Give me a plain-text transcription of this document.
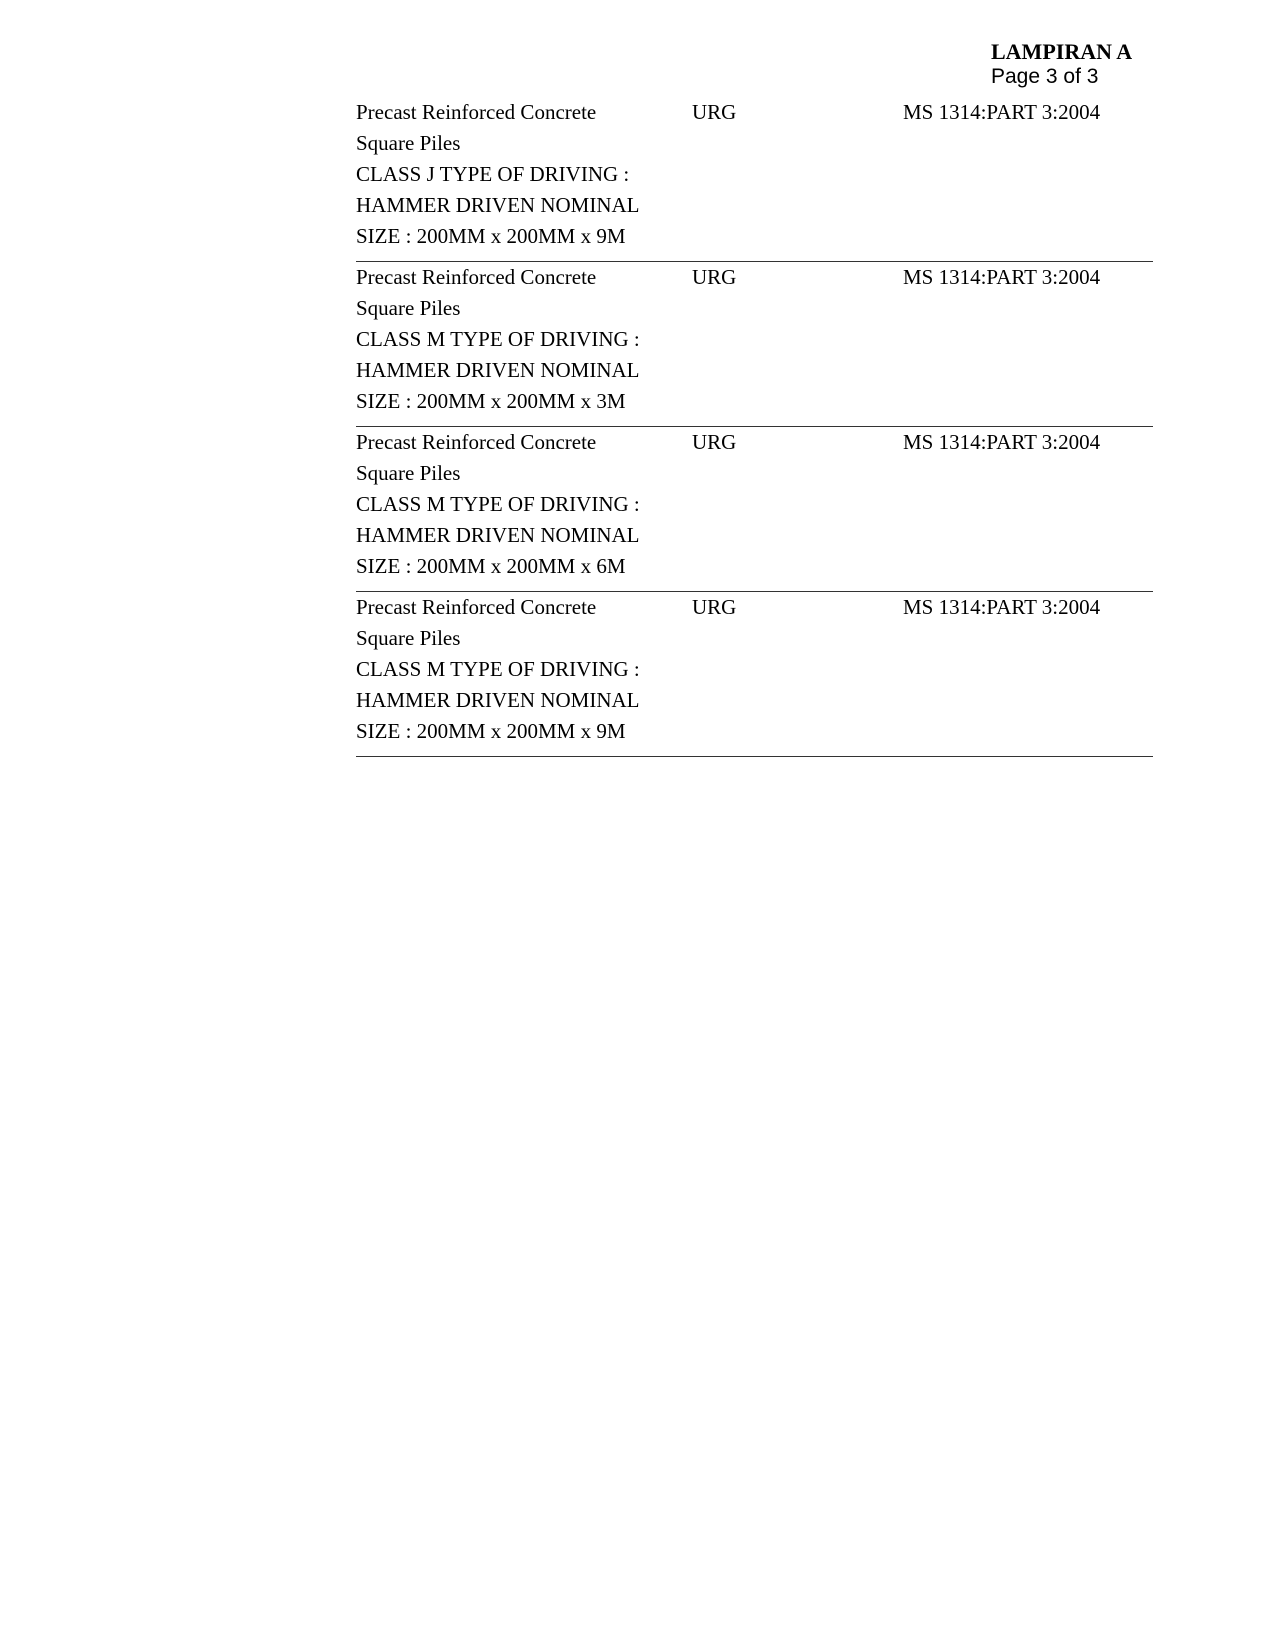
LAMPIRAN A
Page 3 of 3
Precast Reinforced Concrete
Square Piles
CLASS J TYPE OF DRIVING :
HAMMER DRIVEN NOMINAL
SIZE : 200MM x 200MM x 9M
URG	MS 1314:PART 3:2004
Precast Reinforced Concrete
Square Piles
CLASS M TYPE OF DRIVING :
HAMMER DRIVEN NOMINAL
SIZE : 200MM x 200MM x 3M
URG	MS 1314:PART 3:2004
Precast Reinforced Concrete
Square Piles
CLASS M TYPE OF DRIVING :
HAMMER DRIVEN NOMINAL
SIZE : 200MM x 200MM x 6M
URG	MS 1314:PART 3:2004
Precast Reinforced Concrete
Square Piles
CLASS M TYPE OF DRIVING :
HAMMER DRIVEN NOMINAL
SIZE : 200MM x 200MM x 9M
URG	MS 1314:PART 3:2004
